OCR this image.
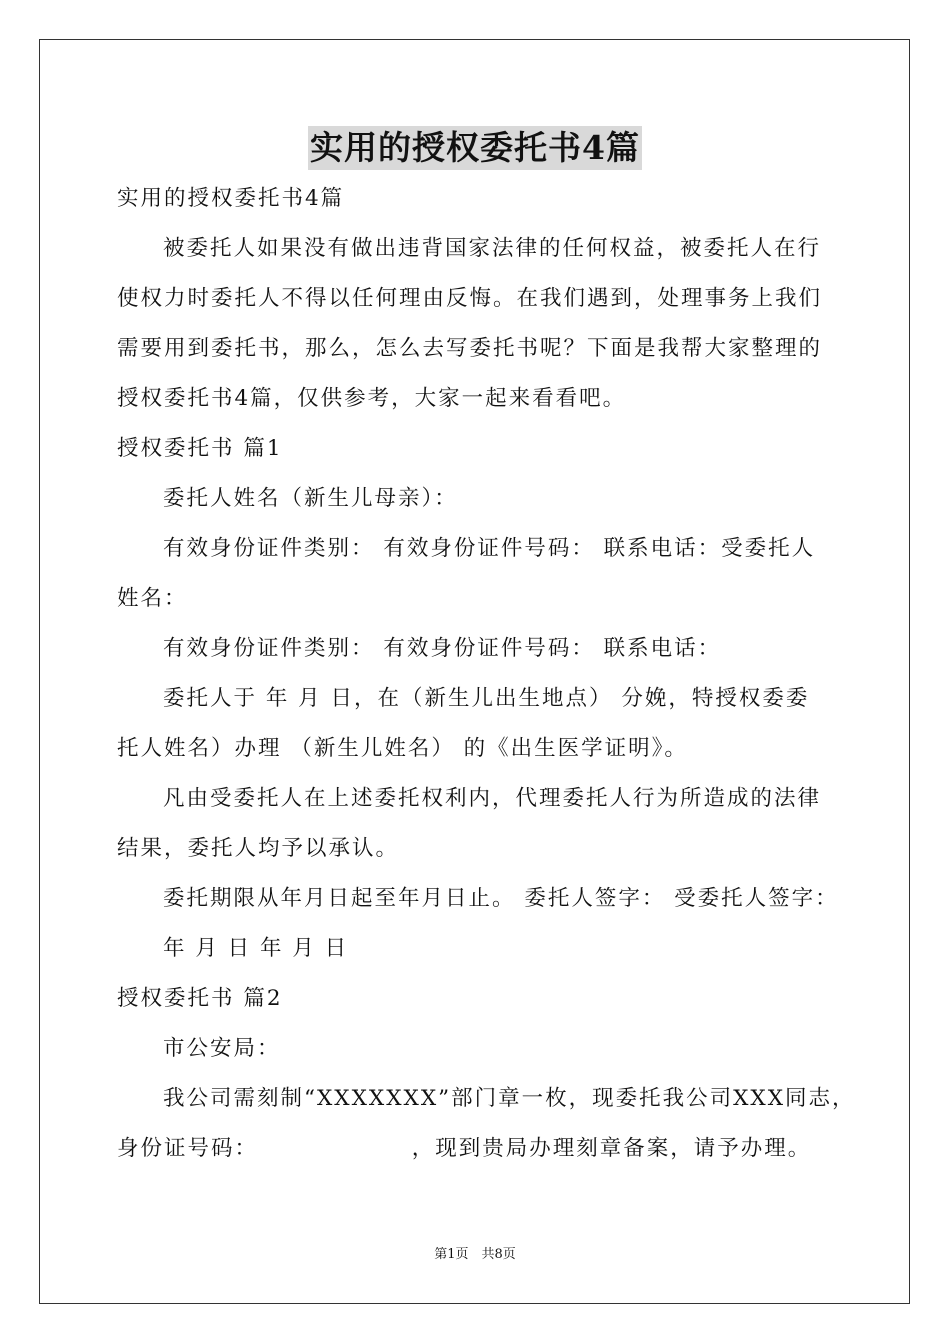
实用的授权委托书4篇
实用的授权委托书4篇
被委托人如果没有做出违背国家法律的任何权益，被委托人在行
使权力时委托人不得以任何理由反悔。在我们遇到，处理事务上我们
需要用到委托书，那么，怎么去写委托书呢？下面是我帮大家整理的
授权委托书4篇，仅供参考，大家一起来看看吧。
授权委托书 篇1
委托人姓名（新生儿母亲）：
有效身份证件类别： 有效身份证件号码： 联系电话：受委托人
姓名：
有效身份证件类别： 有效身份证件号码： 联系电话：
委托人于 年 月 日，在（新生儿出生地点） 分娩，特授权委委
托人姓名）办理 （新生儿姓名） 的《出生医学证明》。
凡由受委托人在上述委托权利内，代理委托人行为所造成的法律
结果，委托人均予以承认。
委托期限从年月日起至年月日止。 委托人签字： 受委托人签字：
年 月 日 年 月 日
授权委托书 篇2
市公安局：
我公司需刻制“XXXXXXX”部门章一枚，现委托我公司XXX同志，
身份证号码：　　　　　　　，现到贵局办理刻章备案，请予办理。
第1页　共8页
